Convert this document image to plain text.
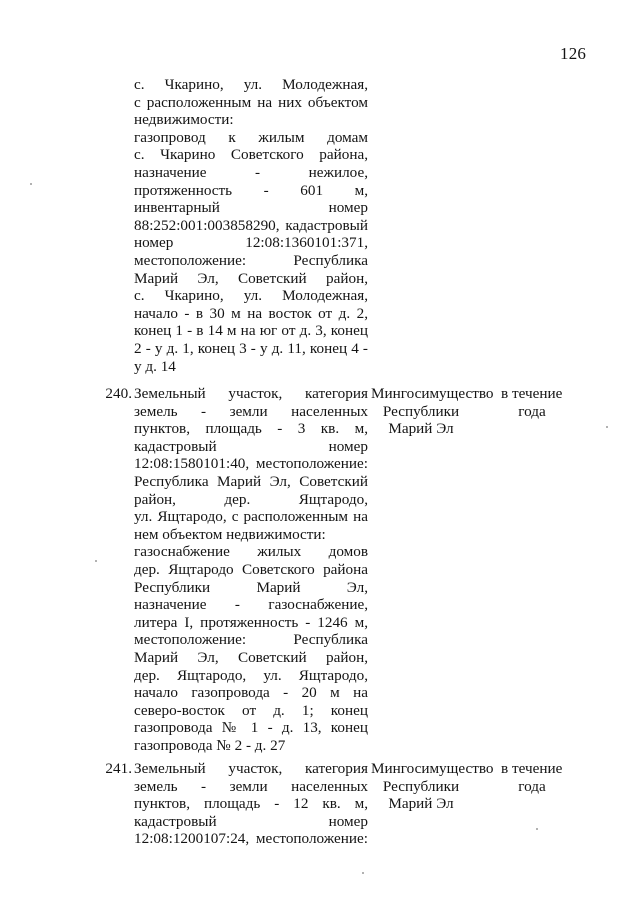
126
с. Чкарино, ул. Молодежная,
с расположенным на них объектом
недвижимости:
газопровод к жилым домам
с. Чкарино Советского района,
назначение - нежилое,
протяженность - 601 м,
инвентарный номер
88:252:001:003858290, кадастровый
номер 12:08:1360101:371,
местоположение: Республика
Марий Эл, Советский район,
с. Чкарино, ул. Молодежная,
начало - в 30 м на восток от д. 2,
конец 1 - в 14 м на юг от д. 3, конец
2 - у д. 1, конец 3 - у д. 11, конец 4 -
у д. 14
240. Земельный участок, категория
земель - земли населенных
пунктов, площадь - 3 кв. м,
кадастровый номер
12:08:1580101:40, местоположение:
Республика Марий Эл, Советский
район, дер. Ящтародо,
ул. Ящтародо, с расположенным на
нем объектом недвижимости:
газоснабжение жилых домов
дер. Ящтародо Советского района
Республики Марий Эл,
назначение - газоснабжение,
литера I, протяженность - 1246 м,
местоположение: Республика
Марий Эл, Советский район,
дер. Ящтародо, ул. Ящтародо,
начало газопровода - 20 м на
северо-восток от д. 1; конец
газопровода № 1 - д. 13, конец
газопровода № 2 - д. 27
Мингосимущество
Республики
Марий Эл
в течение
года
241. Земельный участок, категория
земель - земли населенных
пунктов, площадь - 12 кв. м,
кадастровый номер
12:08:1200107:24, местоположение:
Мингосимущество
Республики
Марий Эл
в течение
года
